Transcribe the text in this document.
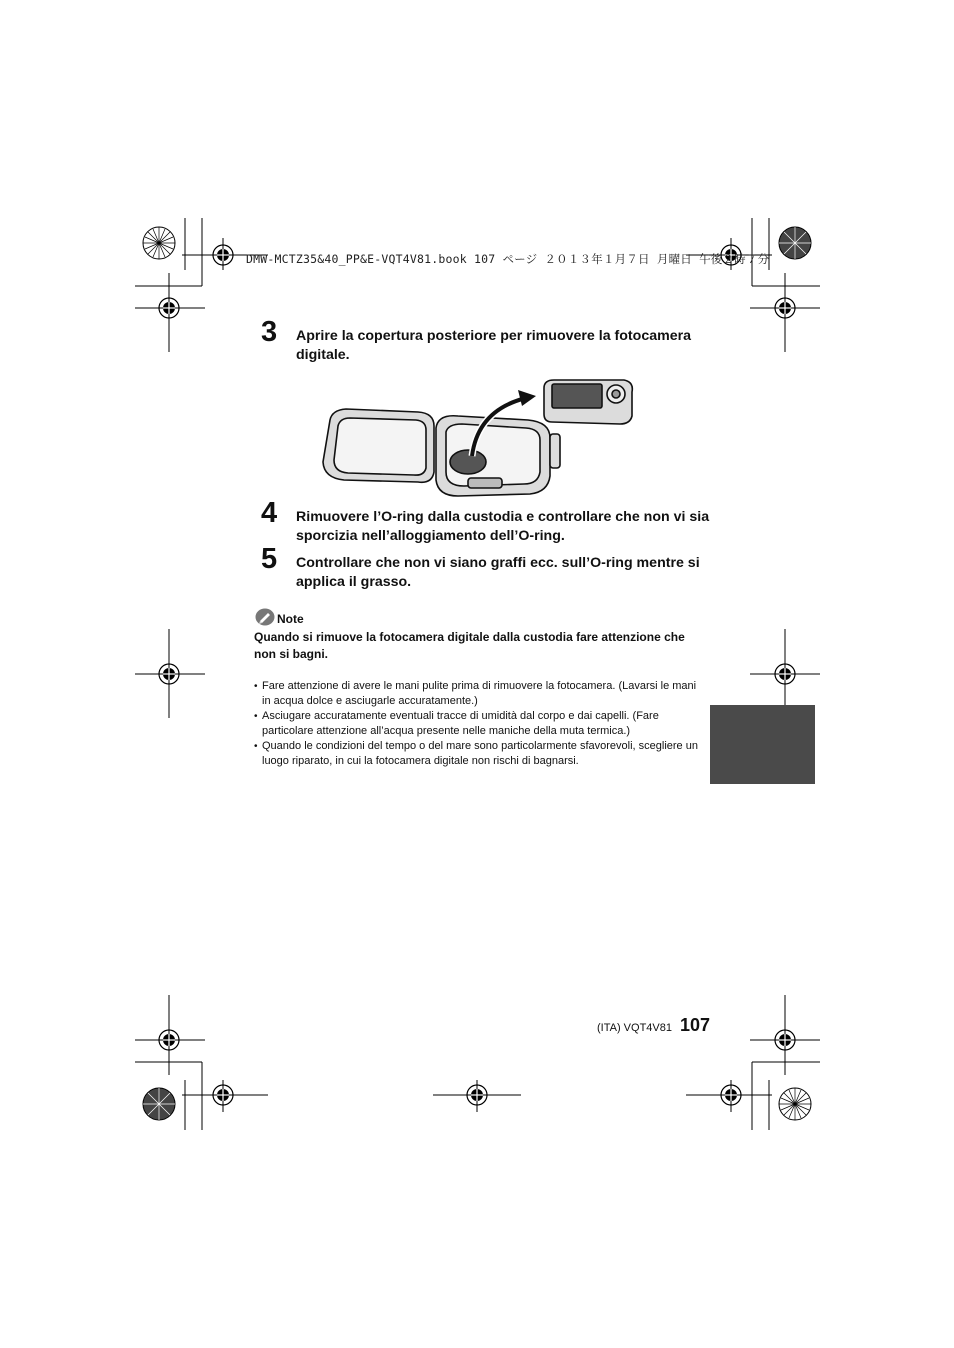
DMW-MCTZ35&40_PP&E-VQT4V81.book 107 ページ ２０１３年１月７日 月曜日 午後２時７分
3 Aprire la copertura posteriore per rimuovere la fotocamera digitale.
4 Rimuovere l’O-ring dalla custodia e controllare che non vi sia sporcizia nell’alloggiamento dell’O-ring.
5 Controllare che non vi siano graffi ecc. sull’O-ring mentre si applica il grasso.
Note
Quando si rimuove la fotocamera digitale dalla custodia fare attenzione che non si bagni.
• Fare attenzione di avere le mani pulite prima di rimuovere la fotocamera. (Lavarsi le mani in acqua dolce e asciugarle accuratamente.)
• Asciugare accuratamente eventuali tracce di umidità dal corpo e dai capelli. (Fare particolare attenzione all’acqua presente nelle maniche della muta termica.)
• Quando le condizioni del tempo o del mare sono particolarmente sfavorevoli, scegliere un luogo riparato, in cui la fotocamera digitale non rischi di bagnarsi.
(ITA) VQT4V81 107
